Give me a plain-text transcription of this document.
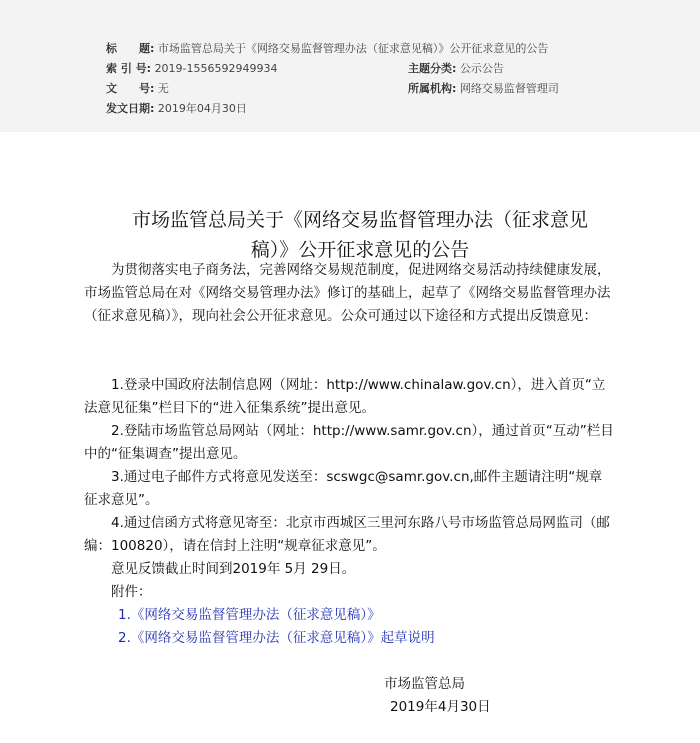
标　　题: 市场监管总局关于《网络交易监督管理办法（征求意见稿）》公开征求意见的公告
索 引 号: 2019-1556592949934	主题分类: 公示公告
文　　号: 无	所属机构: 网络交易监督管理司
发文日期: 2019年04月30日
市场监管总局关于《网络交易监督管理办法（征求意见
稿）》公开征求意见的公告
　　为贯彻落实电子商务法，完善网络交易规范制度，促进网络交易活动持续健康发展，市场监管总局在对《网络交易管理办法》修订的基础上，起草了《网络交易监督管理办法（征求意见稿）》，现向社会公开征求意见。公众可通过以下途径和方式提出反馈意见：
　　1.登录中国政府法制信息网（网址：http://www.chinalaw.gov.cn），进入首页“立法意见征集”栏目下的“进入征集系统”提出意见。
　　2.登陆市场监管总局网站（网址：http://www.samr.gov.cn），通过首页“互动”栏目中的“征集调查”提出意见。
　　3.通过电子邮件方式将意见发送至：scswgc@samr.gov.cn,邮件主题请注明“规章征求意见”。
　　4.通过信函方式将意见寄至：北京市西城区三里河东路八号市场监管总局网监司（邮编：100820），请在信封上注明“规章征求意见”。
　　意见反馈截止时间到2019年 5月 29日。
　　附件：
1.《网络交易监督管理办法（征求意见稿）》
2.《网络交易监督管理办法（征求意见稿）》起草说明
市场监管总局
2019年4月30日
